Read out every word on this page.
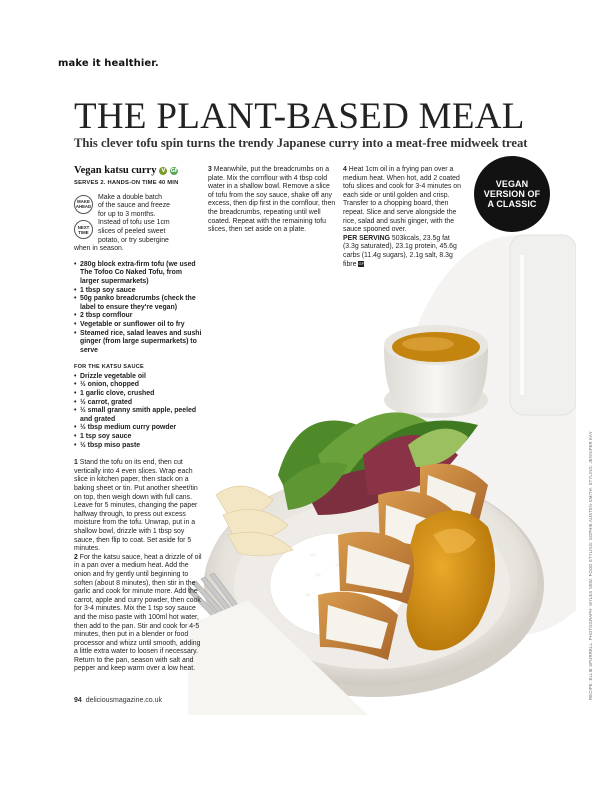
make it healthier.
THE PLANT-BASED MEAL
This clever tofu spin turns the trendy Japanese curry into a meat-free midweek treat
Vegan katsu curry	V	GF
SERVES 2. HANDS-ON TIME 40 MIN
MAKE AHEAD
Make a double batch
of the sauce and freeze
for up to 3 months.
NEXT TIME
Instead of tofu use 1cm
slices of peeled sweet
potato, or try subergine
when in season.
• 280g block extra-firm tofu (we used The Tofoo Co Naked Tofu, from larger supermarkets)
• 1 tbsp soy sauce
• 50g panko breadcrumbs (check the label to ensure they're vegan)
• 2 tbsp cornflour
• Vegetable or sunflower oil to fry
• Steamed rice, salad leaves and sushi ginger (from large supermarkets) to serve
FOR THE KATSU SAUCE
• Drizzle vegetable oil
• ½ onion, chopped
• 1 garlic clove, crushed
• ½ carrot, grated
• ½ small granny smith apple, peeled and grated
• ½ tbsp medium curry powder
• 1 tsp soy sauce
• ½ tbsp miso paste

1 Stand the tofu on its end, then cut vertically into 4 even slices. Wrap each slice in kitchen paper, then stack on a baking sheet or tin. Put another sheet/tin on top, then weigh down with full cans. Leave for 5 minutes, changing the paper halfway through, to press out excess moisture from the tofu. Unwrap, put in a shallow bowl, drizzle with 1 tbsp soy sauce, then flip to coat. Set aside for 5 minutes.

2 For the katsu sauce, heat a drizzle of oil in a pan over a medium heat. Add the onion and fry gently until beginning to soften (about 8 minutes), then stir in the garlic and cook for minute more. Add the carrot, apple and curry powder, then cook for 3-4 minutes. Mix the 1 tsp soy sauce and the miso paste with 100ml hot water, then add to the pan. Stir and cook for 4-5 minutes, then put in a blender or food processor and whizz until smooth, adding a little extra water to loosen if necessary. Return to the pan, season with salt and pepper and keep warm over a low heat.

3 Meanwhile, put the breadcrumbs on a plate. Mix the cornflour with 4 tbsp cold water in a shallow bowl. Remove a slice of tofu from the soy sauce, shake off any excess, then dip first in the cornflour, then the breadcrumbs, repeating until well coated. Repeat with the remaining tofu slices, then set aside on a plate.

4 Heat 1cm oil in a frying pan over a medium heat. When hot, add 2 coated tofu slices and cook for 3-4 minutes on each side or until golden and crisp. Transfer to a chopping board, then repeat. Slice and serve alongside the rice, salad and sushi ginger, with the sauce spooned over.

PER SERVING 503kcals, 23.5g fat (3.3g saturated), 23.1g protein, 45.6g carbs (11.4g sugars), 2.1g salt, 8.3g fibre GF

VEGAN
VERSION OF
A CLASSIC
RECIPE: ELLIE SPURRELL. PHOTOGRAPH: MYLES NEW. FOOD STYLING: SOPHIE AUSTEN-SMITH. STYLING: JENNIFER KAY
94 deliciousmagazine.co.uk
